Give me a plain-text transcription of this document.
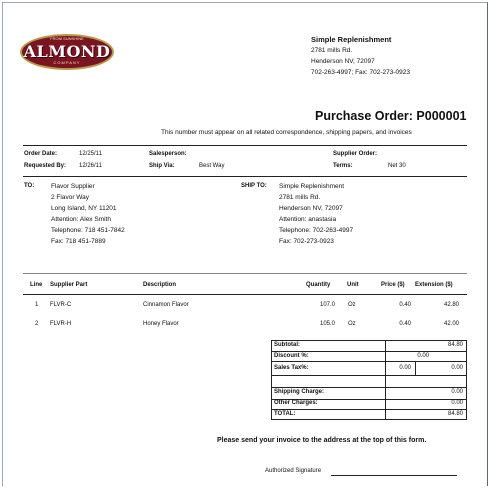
FROM SUNSHINE
ALMOND
COMPANY
Simple Replenishment
2781 mills Rd.
Henderson NV, 72097
702-263-4997; Fax: 702-273-0923
Purchase Order: P000001
This number must appear on all related correspondence, shipping papers, and invoices
Order Date:	12/25/11
Requested By: 12/26/11
Salesperson:
Ship Via:	Best Way
Supplier Order:
Terms:	Net 30
TO:	Flavor Supplier
2 Flavor Way
Long Island, NY 11201
Attention: Alex Smith
Telephone: 718 451-7842
Fax: 718 451-7889
SHIP TO: Simple Replenishment
2781 mills Rd.
Henderson NV, 72097
Attention: anastasia
Telephone: 702-263-4997
Fax: 702-273-0923
Line Supplier Part	Description	Quantity	Unit	Price ($) Extension ($)
1 FLVR-C	Cinnamon Flavor	107.0 Oz	0.40	42.80
2 FLVR-H	Honey Flavor	105.0 Oz	0.40	42.00
Subtotal:	84.80
Discount %:	0.00
Sales Tax%:	0.00	0.00
Shipping Charge:	0.00
Other Charges:	0.00
TOTAL:	84.80
Please send your invoice to the address at the top of this form.
Authorized Signature
